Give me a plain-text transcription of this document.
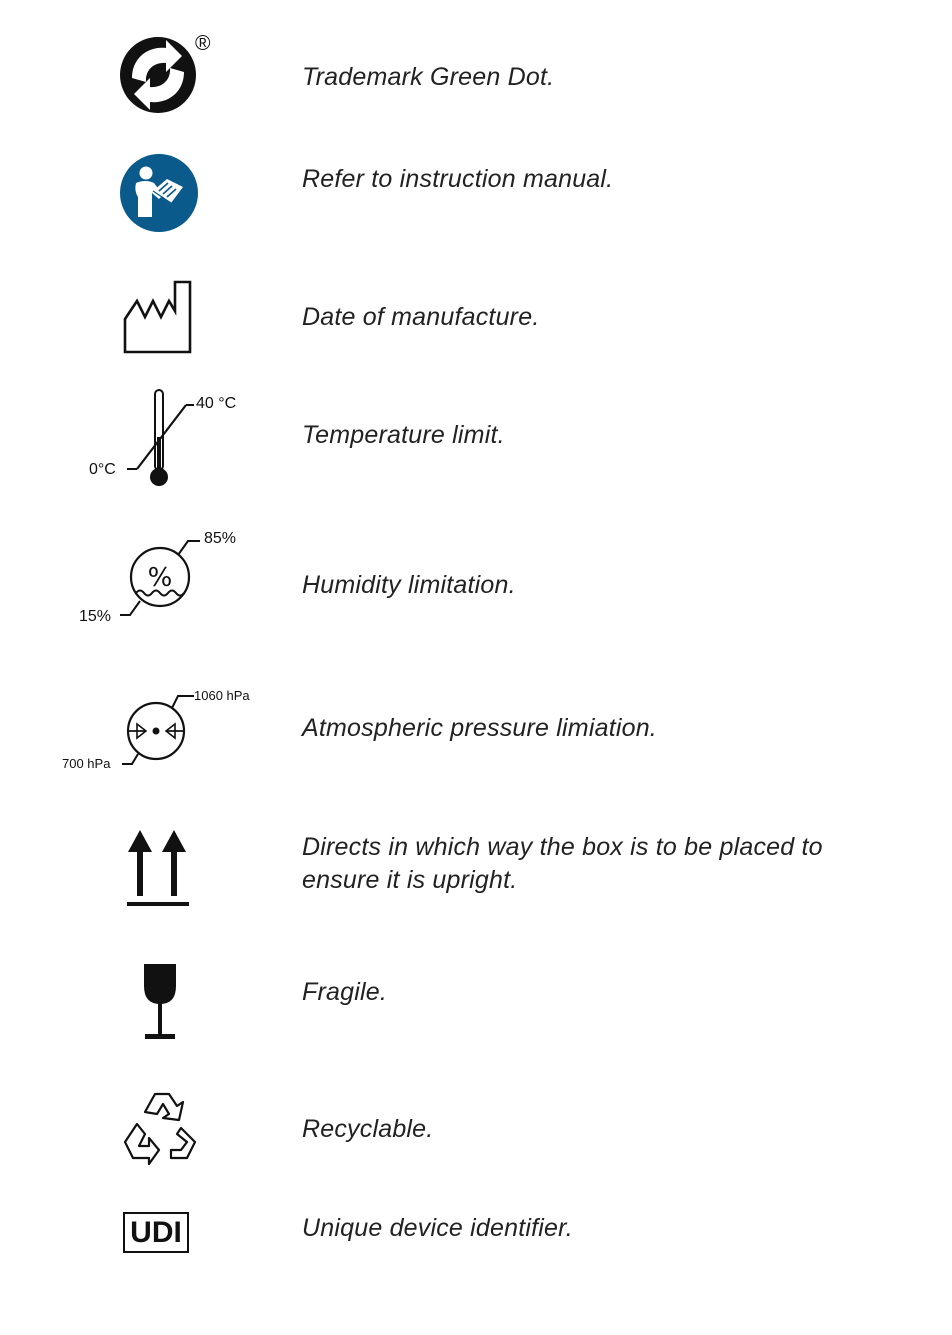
®
Trademark Green Dot.
Refer to instruction manual.
Date of manufacture.
40 °C
0°C
Temperature limit.
%
85%
15%
Humidity limitation.
1060 hPa
700 hPa
Atmospheric pressure limiation.
Directs in which way the box is to be placed to ensure it is upright.
Fragile.
Recyclable.
UDI	Unique device identifier.
